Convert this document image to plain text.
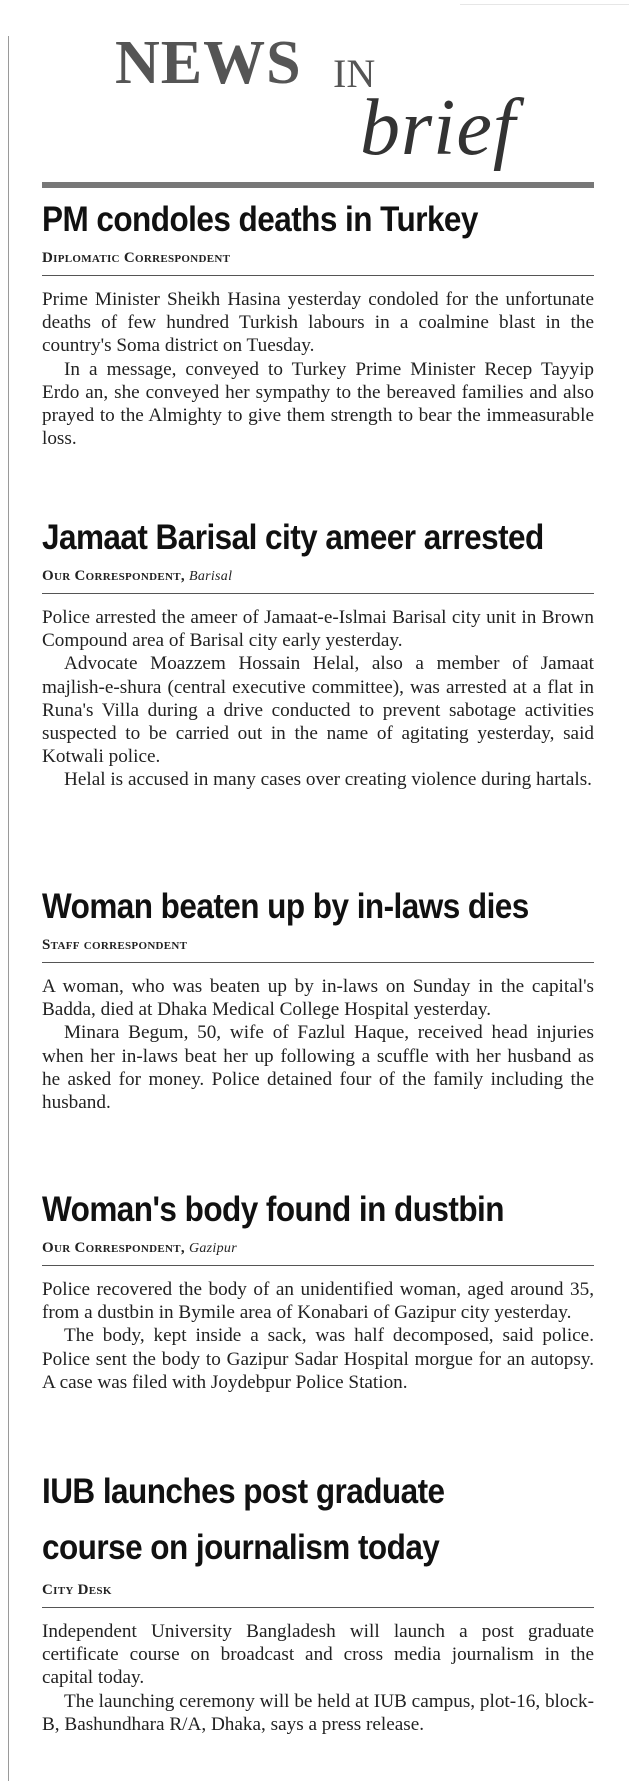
NEWS IN
brief
PM condoles deaths in Turkey
Diplomatic Correspondent

Prime Minister Sheikh Hasina yesterday condoled for the unfortunate deaths of few hundred Turkish labours in a coalmine blast in the country's Soma district on Tuesday.

In a message, conveyed to Turkey Prime Minister Recep Tayyip Erdo an, she conveyed her sympathy to the bereaved families and also prayed to the Almighty to give them strength to bear the immeasurable loss.

Jamaat Barisal city ameer arrested
Our Correspondent, Barisal

Police arrested the ameer of Jamaat-e-Islmai Barisal city unit in Brown Compound area of Barisal city early yesterday.

Advocate Moazzem Hossain Helal, also a member of Jamaat majlish-e-shura (central executive committee), was arrested at a flat in Runa's Villa during a drive conducted to prevent sabotage activities suspected to be carried out in the name of agitating yesterday, said Kotwali police.

Helal is accused in many cases over creating violence during hartals.

Woman beaten up by in-laws dies
Staff correspondent

A woman, who was beaten up by in-laws on Sunday in the capital's Badda, died at Dhaka Medical College Hospital yesterday.

Minara Begum, 50, wife of Fazlul Haque, received head injuries when her in-laws beat her up following a scuffle with her husband as he asked for money. Police detained four of the family including the husband.

Woman's body found in dustbin
Our Correspondent, Gazipur

Police recovered the body of an unidentified woman, aged around 35, from a dustbin in Bymile area of Konabari of Gazipur city yesterday.

The body, kept inside a sack, was half decomposed, said police. Police sent the body to Gazipur Sadar Hospital morgue for an autopsy. A case was filed with Joydebpur Police Station.

IUB launches post graduate
course on journalism today
City Desk

Independent University Bangladesh will launch a post graduate certificate course on broadcast and cross media journalism in the capital today.

The launching ceremony will be held at IUB campus, plot-16, block-B, Bashundhara R/A, Dhaka, says a press release.
